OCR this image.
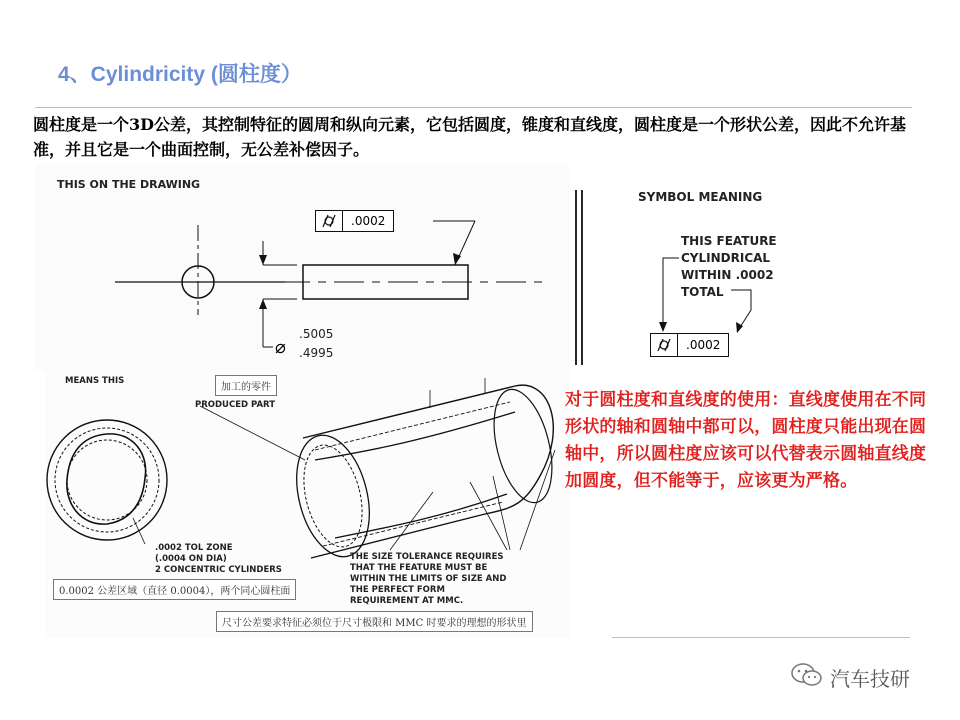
4、Cylindricity (圆柱度）
圆柱度是一个3D公差，其控制特征的圆周和纵向元素，它包括圆度，锥度和直线度，圆柱度是一个形状公差，因此不允许基准，并且它是一个曲面控制，无公差补偿因子。
THIS ON THE DRAWING
.0002
⌀
.5005
.4995
SYMBOL MEANING
THIS FEATURE
CYLINDRICAL
WITHIN .0002
TOTAL
.0002
MEANS THIS
加工的零件
PRODUCED PART
.0002 TOL ZONE
(.0004 ON DIA)
2 CONCENTRIC CYLINDERS
0.0002 公差区域（直径 0.0004），两个同心圆柱面
THE SIZE TOLERANCE REQUIRES
THAT THE FEATURE MUST BE
WITHIN THE LIMITS OF SIZE AND
THE PERFECT FORM
REQUIREMENT AT MMC.
尺寸公差要求特征必须位于尺寸极限和 MMC 时要求的理想的形状里
对于圆柱度和直线度的使用：直线度使用在不同形状的轴和圆轴中都可以，圆柱度只能出现在圆轴中，所以圆柱度应该可以代替表示圆轴直线度加圆度，但不能等于，应该更为严格。
汽车技研
